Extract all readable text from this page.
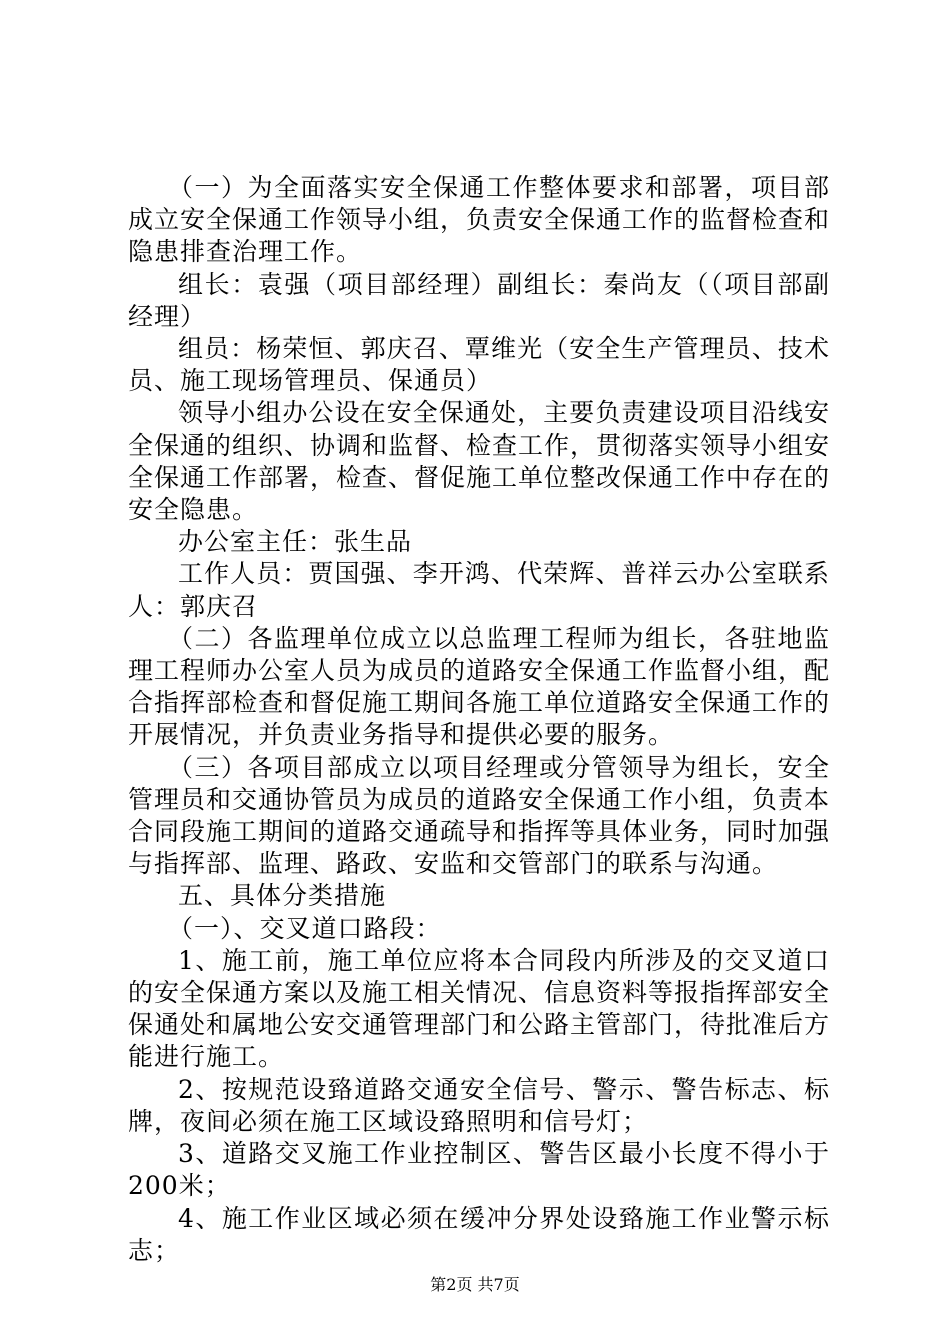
（一）为全面落实安全保通工作整体要求和部署，项目部成立安全保通工作领导小组，负责安全保通工作的监督检查和隐患排查治理工作。

组长：袁强（项目部经理）副组长：秦尚友（（项目部副经理）

组员：杨荣恒、郭庆召、覃维光（安全生产管理员、技术员、施工现场管理员、保通员）

领导小组办公设在安全保通处，主要负责建设项目沿线安全保通的组织、协调和监督、检查工作，贯彻落实领导小组安全保通工作部署，检查、督促施工单位整改保通工作中存在的安全隐患。

办公室主任：张生品

工作人员：贾国强、李开鸿、代荣辉、普祥云办公室联系人：郭庆召

（二）各监理单位成立以总监理工程师为组长，各驻地监理工程师办公室人员为成员的道路安全保通工作监督小组，配合指挥部检查和督促施工期间各施工单位道路安全保通工作的开展情况，并负责业务指导和提供必要的服务。

（三）各项目部成立以项目经理或分管领导为组长，安全管理员和交通协管员为成员的道路安全保通工作小组，负责本合同段施工期间的道路交通疏导和指挥等具体业务，同时加强与指挥部、监理、路政、安监和交管部门的联系与沟通。

五、具体分类措施

（一）、交叉道口路段：

1、施工前，施工单位应将本合同段内所涉及的交叉道口的安全保通方案以及施工相关情况、信息资料等报指挥部安全保通处和属地公安交通管理部门和公路主管部门，待批准后方能进行施工。

2、按规范设臵道路交通安全信号、警示、警告标志、标牌，夜间必须在施工区域设臵照明和信号灯；

3、道路交叉施工作业控制区、警告区最小长度不得小于200米；

4、施工作业区域必须在缓冲分界处设臵施工作业警示标志；

第2页 共7页
